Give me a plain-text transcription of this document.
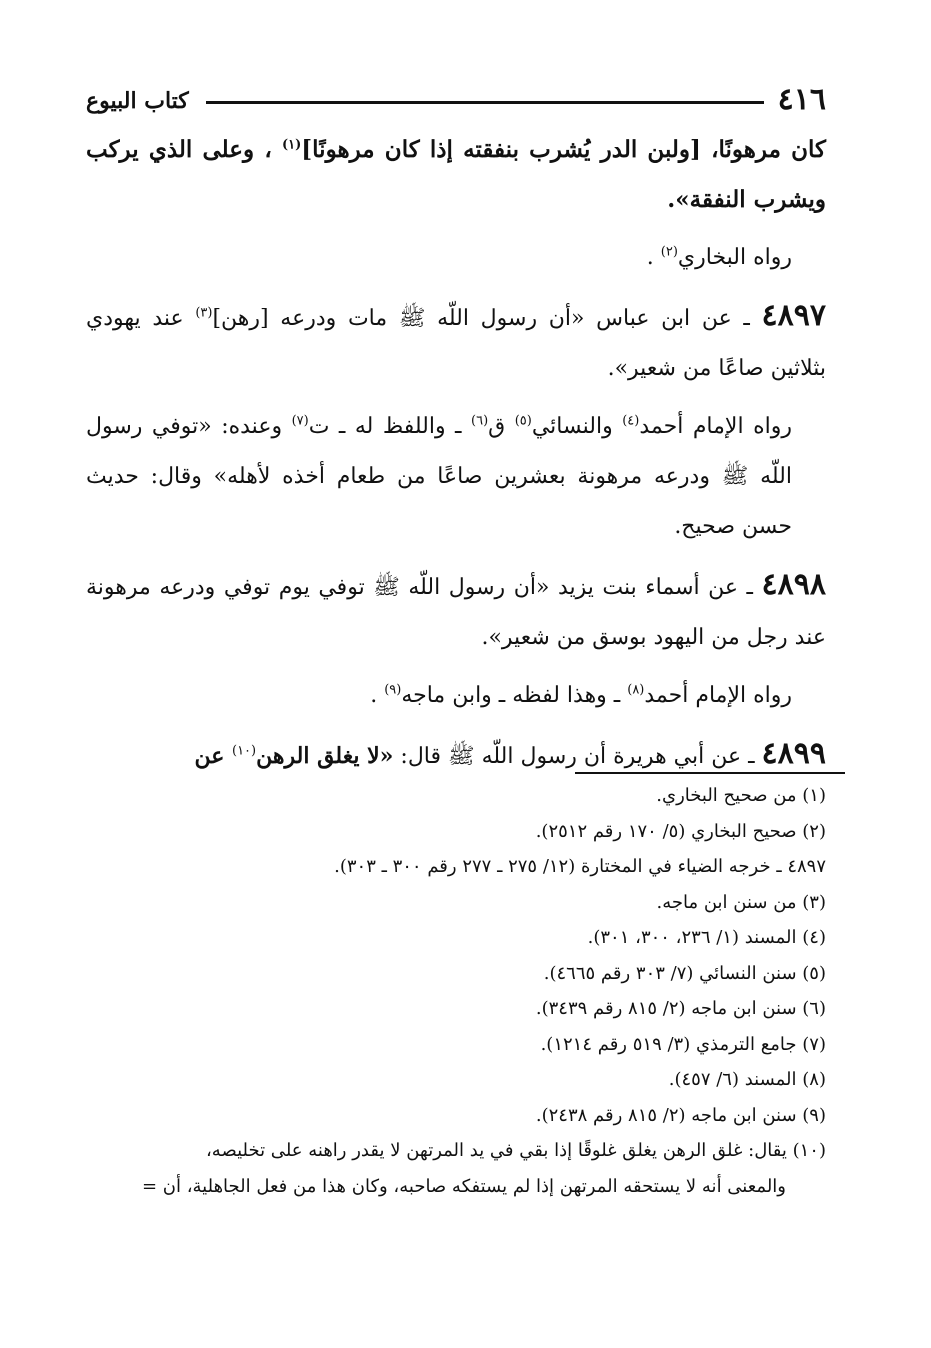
٤١٦
كتاب البيوع

كان مرهونًا، [ولبن الدر يُشرب بنفقته إذا كان مرهونًا]$^{(١)}$ ، وعلى الذي يركب ويشرب النفقة».

رواه البخاري$^{(٢)}$ .

٤٨٩٧ ـ عن ابن عباس «أن رسول اللّه ﷺ مات ودرعه [رهن]$^{(٣)}$ عند يهودي بثلاثين صاعًا من شعير».

رواه الإمام أحمد$^{(٤)}$ والنسائي$^{(٥)}$ ق$^{(٦)}$ ـ واللفظ له ـ ت$^{(٧)}$ وعنده: «توفي رسول اللّه ﷺ ودرعه مرهونة بعشرين صاعًا من طعام أخذه لأهله» وقال: حديث حسن صحيح.

٤٨٩٨ ـ عن أسماء بنت يزيد «أن رسول اللّه ﷺ توفي يوم توفي ودرعه مرهونة عند رجل من اليهود بوسق من شعير».

رواه الإمام أحمد$^{(٨)}$ ـ وهذا لفظه ـ وابن ماجه$^{(٩)}$ .

٤٨٩٩ ـ عن أبي هريرة أن رسول اللّه ﷺ قال: «لا يغلق الرهن$^{(١٠)}$ عن

(١) من صحيح البخاري.

(٢) صحيح البخاري (٥/ ١٧٠ رقم ٢٥١٢).

٤٨٩٧ ـ خرجه الضياء في المختارة (١٢/ ٢٧٥ ـ ٢٧٧ رقم ٣٠٠ ـ ٣٠٣).

(٣) من سنن ابن ماجه.

(٤) المسند (١/ ٢٣٦، ٣٠٠، ٣٠١).

(٥) سنن النسائي (٧/ ٣٠٣ رقم ٤٦٦٥).

(٦) سنن ابن ماجه (٢/ ٨١٥ رقم ٣٤٣٩).

(٧) جامع الترمذي (٣/ ٥١٩ رقم ١٢١٤).

(٨) المسند (٦/ ٤٥٧).

(٩) سنن ابن ماجه (٢/ ٨١٥ رقم ٢٤٣٨).

(١٠) يقال: غلق الرهن يغلق غلوقًا إذا بقي في يد المرتهن لا يقدر راهنه على تخليصه،

والمعنى أنه لا يستحقه المرتهن إذا لم يستفكه صاحبه، وكان هذا من فعل الجاهلية، أن =
